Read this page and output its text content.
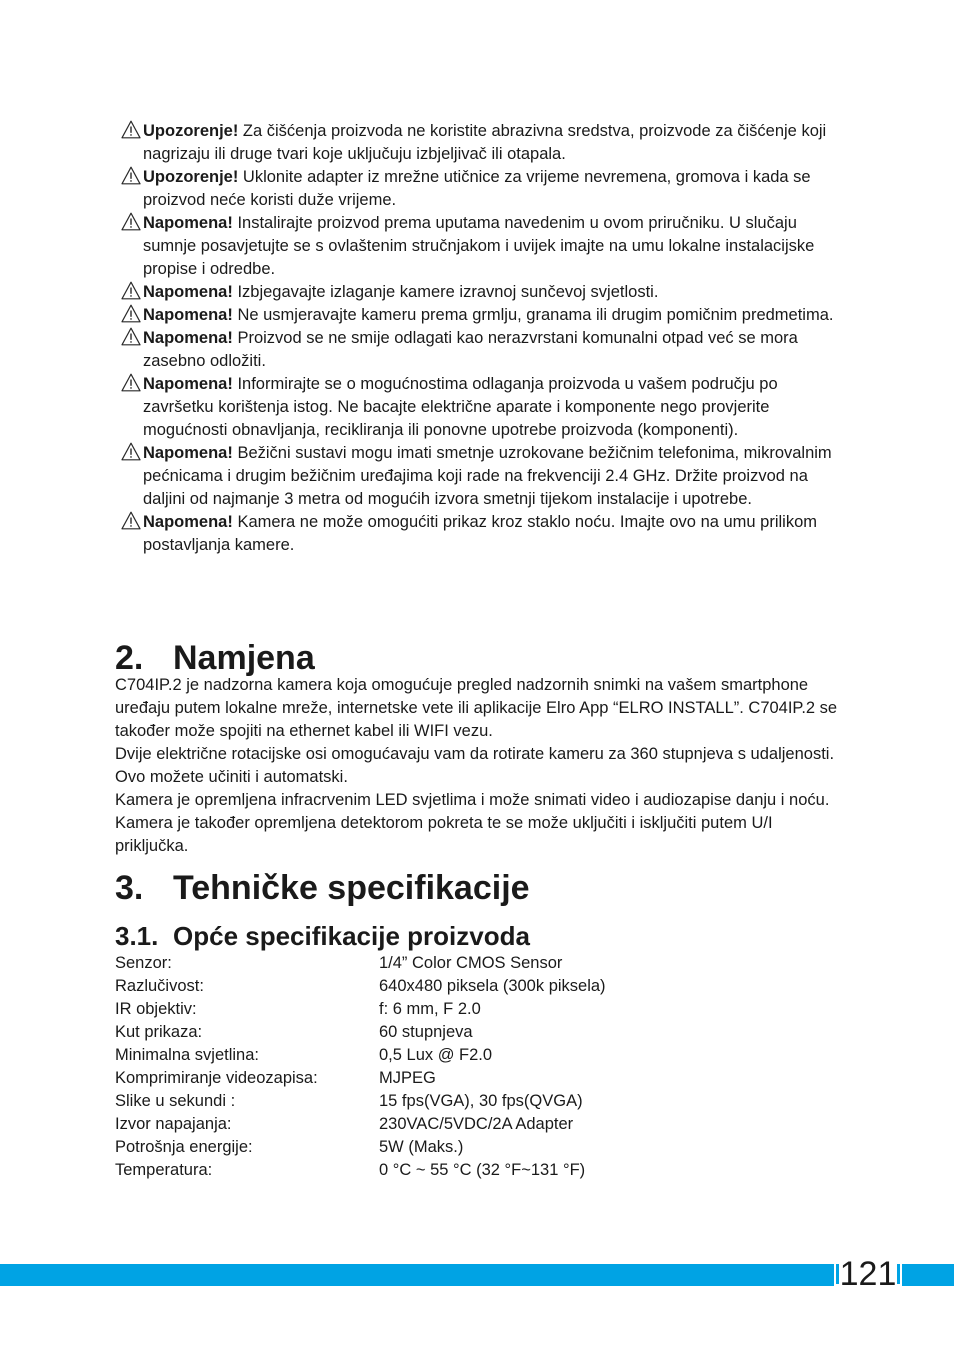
Upozorenje! Za čišćenja proizvoda ne koristite abrazivna sredstva, proizvode za čišćenje koji nagrizaju ili druge tvari koje uključuju izbjeljivač ili otapala.
Upozorenje! Uklonite adapter iz mrežne utičnice za vrijeme nevremena, gromova i kada se proizvod neće koristi duže vrijeme.
Napomena! Instalirajte proizvod prema uputama navedenim u ovom priručniku. U slučaju sumnje posavjetujte se s ovlaštenim stručnjakom i uvijek imajte na umu lokalne instalacijske propise i odredbe.
Napomena! Izbjegavajte izlaganje kamere izravnoj sunčevoj svjetlosti.
Napomena! Ne usmjeravajte kameru prema grmlju, granama ili drugim pomičnim predmetima.
Napomena! Proizvod se ne smije odlagati kao nerazvrstani komunalni otpad već se mora zasebno odložiti.
Napomena! Informirajte se o mogućnostima odlaganja proizvoda u vašem području po završetku korištenja istog. Ne bacajte električne aparate i komponente nego provjerite mogućnosti obnavljanja, recikliranja ili ponovne upotrebe proizvoda (komponenti).
Napomena! Bežični sustavi mogu imati smetnje uzrokovane bežičnim telefonima, mikrovalnim pećnicama i drugim bežičnim uređajima koji rade na frekvenciji 2.4 GHz. Držite proizvod na daljini od najmanje 3 metra od mogućih izvora smetnji tijekom instalacije i upotrebe.
Napomena! Kamera ne može omogućiti prikaz kroz staklo noću. Imajte ovo na umu prilikom postavljanja kamere.
2. Namjena
C704IP.2 je nadzorna kamera koja omogućuje pregled nadzornih snimki na vašem smartphone uređaju putem lokalne mreže, internetske vete ili aplikacije Elro App “ELRO INSTALL”. C704IP.2 se također može spojiti na ethernet kabel ili WIFI vezu.
Dvije električne rotacijske osi omogućavaju vam da rotirate kameru za 360 stupnjeva s udaljenosti. Ovo možete učiniti i automatski.
Kamera je opremljena infracrvenim LED svjetlima i može snimati video i audiozapise danju i noću. Kamera je također opremljena detektorom pokreta te se može uključiti i isključiti putem U/I priključka.
3. Tehničke specifikacije
3.1. Opće specifikacije proizvoda
Senzor:	1/4” Color CMOS Sensor
Razlučivost:	640x480 piksela (300k piksela)
IR objektiv:	f: 6 mm, F 2.0
Kut prikaza:	60 stupnjeva
Minimalna svjetlina:	0,5 Lux @ F2.0
Komprimiranje videozapisa:	MJPEG
Slike u sekundi :	15 fps(VGA), 30 fps(QVGA)
Izvor napajanja:	230VAC/5VDC/2A Adapter
Potrošnja energije:	5W (Maks.)
Temperatura:	0 °C ~ 55 °C (32 °F~131 °F)
121
